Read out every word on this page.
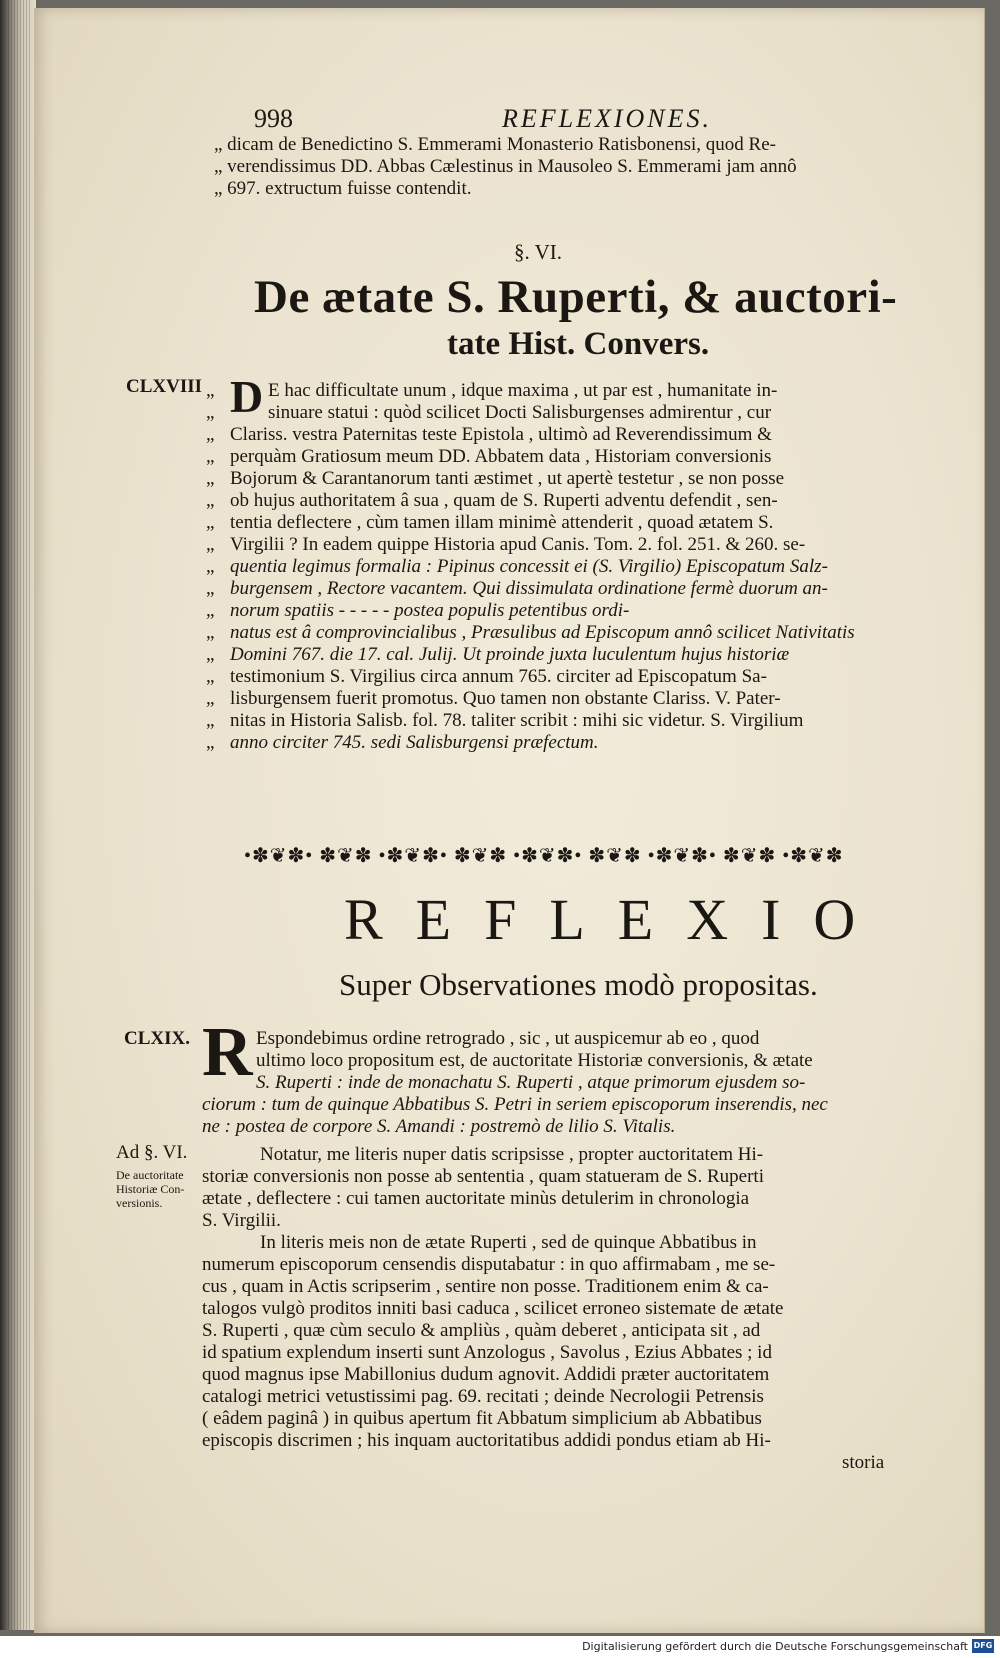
998	REFLEXIONES.
„ dicam de Benedictino S. Emmerami Monasterio Ratisbonensi, quod Re-
„ verendissimus DD. Abbas Cælestinus in Mausoleo S. Emmerami jam annô
„ 697. extructum fuisse contendit.
§. VI.
De ætate S. Ruperti, & auctori-
tate Hist. Convers.
CLXVIII „
„
„
„
„
„
„
„
„
„
„
„
„
„
„
„
„
D E hac difficultate unum , idque maxima , ut par est , humanitate in-
sinuare statui : quòd scilicet Docti Salisburgenses admirentur , cur
Clariss. vestra Paternitas teste Epistola , ultimò ad Reverendissimum &
perquàm Gratiosum meum DD. Abbatem data , Historiam conversionis
Bojorum & Carantanorum tanti æstimet , ut apertè testetur , se non posse
ob hujus authoritatem â sua , quam de S. Ruperti adventu defendit , sen-
tentia deflectere , cùm tamen illam minimè attenderit , quoad ætatem S.
Virgilii ? In eadem quippe Historia apud Canis. Tom. 2. fol. 251. & 260. se-
quentia legimus formalia : Pipinus concessit ei (S. Virgilio) Episcopatum Salz-
burgensem , Rectore vacantem. Qui dissimulata ordinatione fermè duorum an-
norum spatiis - - - - - postea populis petentibus ordi-
natus est â comprovincialibus , Præsulibus ad Episcopum annô scilicet Nativitatis
Domini 767. die 17. cal. Julij. Ut proinde juxta luculentum hujus historiæ
testimonium S. Virgilius circa annum 765. circiter ad Episcopatum Sa-
lisburgensem fuerit promotus. Quo tamen non obstante Clariss. V. Pater-
nitas in Historia Salisb. fol. 78. taliter scribit : mihi sic videtur. S. Virgilium
anno circiter 745. sedi Salisburgensi præfectum.
•✽❦✽• ✽❦✽ •✽❦✽• ✽❦✽ •✽❦✽• ✽❦✽ •✽❦✽• ✽❦✽ •✽❦✽
REFLEXIO
Super Observationes modò propositas.
CLXIX. R Espondebimus ordine retrogrado , sic , ut auspicemur ab eo , quod
ultimo loco propositum est, de auctoritate Historiæ conversionis, & ætate
S. Ruperti : inde de monachatu S. Ruperti , atque primorum ejusdem so-
ciorum : tum de quinque Abbatibus S. Petri in seriem episcoporum inserendis, nec
ne : postea de corpore S. Amandi : postremò de lilio S. Vitalis.
Ad §. VI.
De auctoritate
Historiæ Con-
versionis.
Notatur, me literis nuper datis scripsisse , propter auctoritatem Hi-
storiæ conversionis non posse ab sententia , quam statueram de S. Ruperti
ætate , deflectere : cui tamen auctoritate minùs detulerim in chronologia
S. Virgilii.
In literis meis non de ætate Ruperti , sed de quinque Abbatibus in
numerum episcoporum censendis disputabatur : in quo affirmabam , me se-
cus , quam in Actis scripserim , sentire non posse. Traditionem enim & ca-
talogos vulgò proditos inniti basi caduca , scilicet erroneo sistemate de ætate
S. Ruperti , quæ cùm seculo & ampliùs , quàm deberet , anticipata sit , ad
id spatium explendum inserti sunt Anzologus , Savolus , Ezius Abbates ; id
quod magnus ipse Mabillonius dudum agnovit. Addidi præter auctoritatem
catalogi metrici vetustissimi pag. 69. recitati ; deinde Necrologii Petrensis
( eâdem paginâ ) in quibus apertum fit Abbatum simplicium ab Abbatibus
episcopis discrimen ; his inquam auctoritatibus addidi pondus etiam ab Hi-
storia
Digitalisierung gefördert durch die Deutsche Forschungsgemeinschaft DFG
